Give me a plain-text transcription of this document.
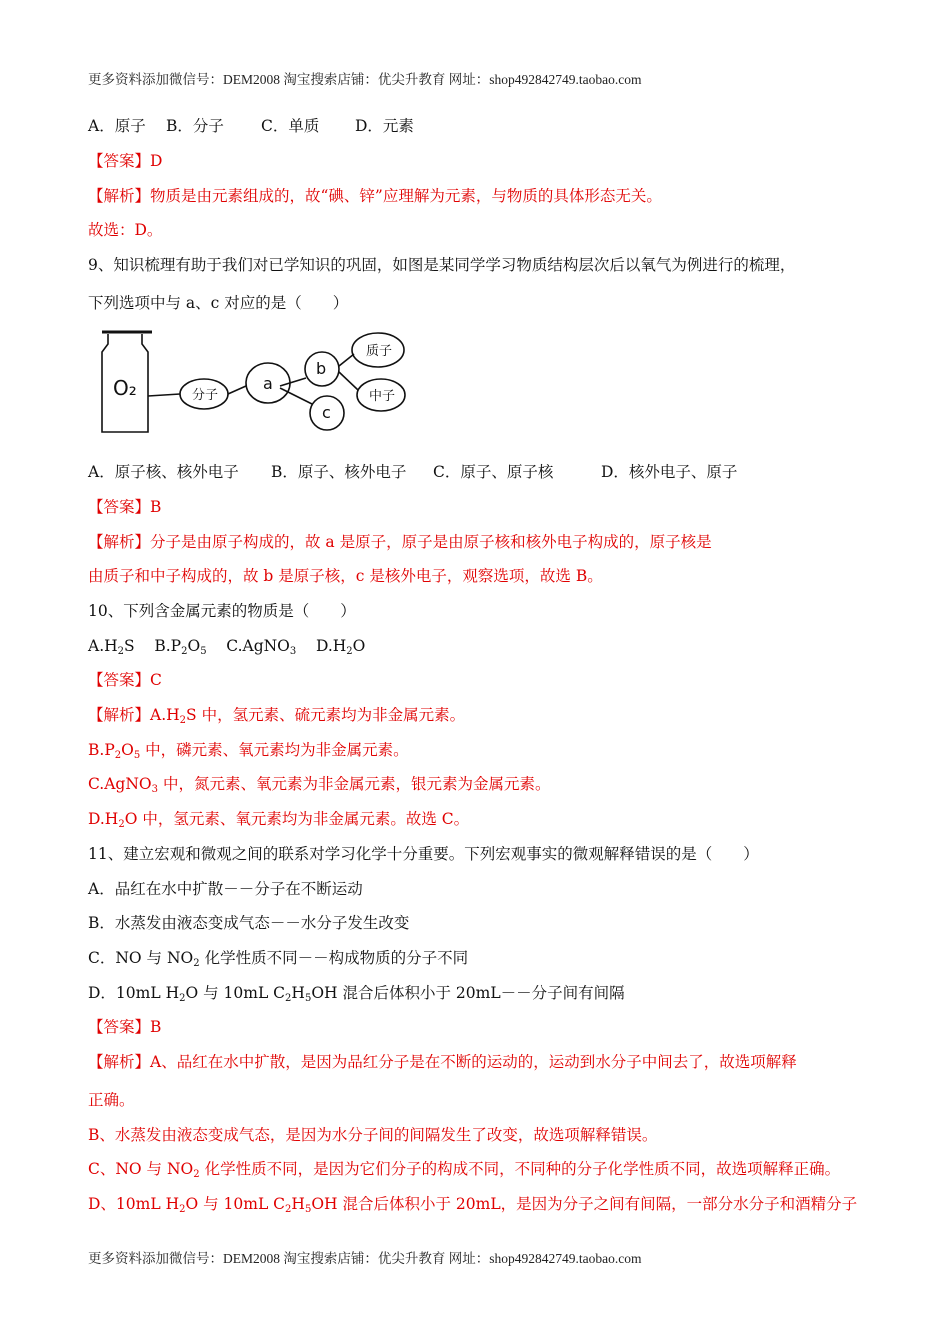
更多资料添加微信号：DEM2008 淘宝搜索店铺：优尖升教育 网址：shop492842749.taobao.com
A．原子 B．分子 C．单质 D．元素
【答案】D
【解析】物质是由元素组成的，故“碘、锌”应理解为元素，与物质的具体形态无关。
故选：D。
9、知识梳理有助于我们对已学知识的巩固，如图是某同学学习物质结构层次后以氧气为例进行的梳理，
下列选项中与 a、c 对应的是（　　）
O₂	分子
a
b
c
质子
中子
A．原子核、核外电子 B．原子、核外电子 C．原子、原子核	D．核外电子、原子
【答案】B
【解析】分子是由原子构成的，故 a 是原子，原子是由原子核和核外电子构成的，原子核是
由质子和中子构成的，故 b 是原子核，c 是核外电子，观察选项，故选 B。
10、下列含金属元素的物质是（　　）
$A.H_2S$    $B.P_2O_5$    C.AgNO$_3$    $D.H_2O$
【答案】C
【解析】$A.H_2S$ 中，氢元素、硫元素均为非金属元素。
$B.P_2O_5$ 中，磷元素、氧元素均为非金属元素。
C.AgNO$_3$ 中，氮元素、氧元素为非金属元素，银元素为金属元素。
$D.H_2O$ 中，氢元素、氧元素均为非金属元素。故选 C。
11、建立宏观和微观之间的联系对学习化学十分重要。下列宏观事实的微观解释错误的是（　　）
A．品红在水中扩散－－分子在不断运动
B．水蒸发由液态变成气态－－水分子发生改变
C．NO 与 $NO_2$ 化学性质不同－－构成物质的分子不同
D．10mL $H_2O$ 与 10mL $C_2H_5OH$ 混合后体积小于 20mL－－分子间有间隔
【答案】B
【解析】A、品红在水中扩散，是因为品红分子是在不断的运动的，运动到水分子中间去了，故选项解释
正确。
B、水蒸发由液态变成气态，是因为水分子间的间隔发生了改变，故选项解释错误。
C、NO 与 $NO_2$ 化学性质不同，是因为它们分子的构成不同，不同种的分子化学性质不同，故选项解释正确。
D、10mL $H_2O$ 与 10mL $C_2H_5OH$ 混合后体积小于 20mL，是因为分子之间有间隔，一部分水分子和酒精分子
更多资料添加微信号：DEM2008 淘宝搜索店铺：优尖升教育 网址：shop492842749.taobao.com
